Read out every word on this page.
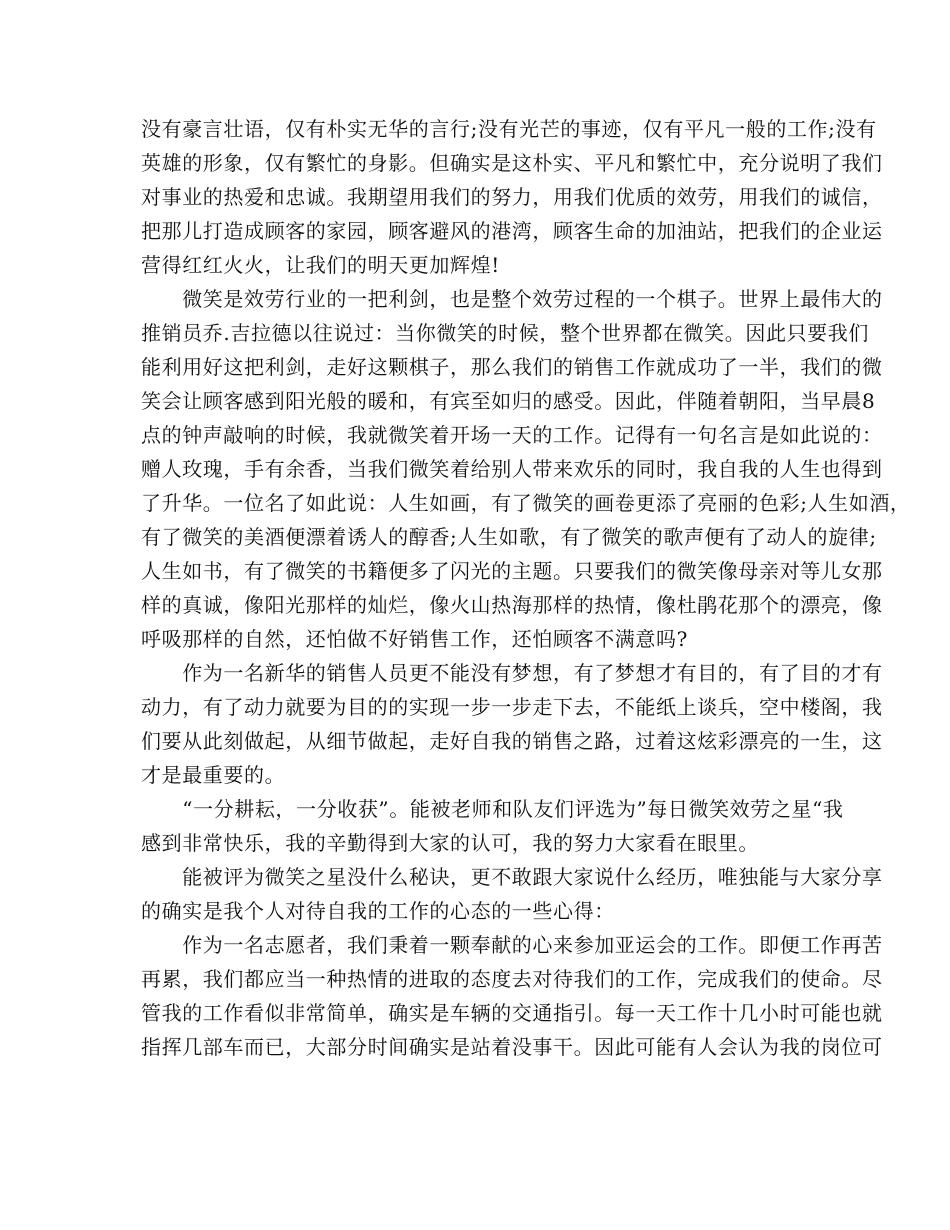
没有豪言壮语，仅有朴实无华的言行;没有光芒的事迹，仅有平凡一般的工作;没有
英雄的形象，仅有繁忙的身影。但确实是这朴实、平凡和繁忙中，充分说明了我们
对事业的热爱和忠诚。我期望用我们的努力，用我们优质的效劳，用我们的诚信，
把那儿打造成顾客的家园，顾客避风的港湾，顾客生命的加油站，把我们的企业运
营得红红火火，让我们的明天更加辉煌!
　　微笑是效劳行业的一把利剑，也是整个效劳过程的一个棋子。世界上最伟大的
推销员乔.吉拉德以往说过：当你微笑的时候，整个世界都在微笑。因此只要我们
能利用好这把利剑，走好这颗棋子，那么我们的销售工作就成功了一半，我们的微
笑会让顾客感到阳光般的暖和，有宾至如归的感受。因此，伴随着朝阳，当早晨8
点的钟声敲响的时候，我就微笑着开场一天的工作。记得有一句名言是如此说的：
赠人玫瑰，手有余香，当我们微笑着给别人带来欢乐的同时，我自我的人生也得到
了升华。一位名了如此说：人生如画，有了微笑的画卷更添了亮丽的色彩;人生如酒，
有了微笑的美酒便漂着诱人的醇香;人生如歌，有了微笑的歌声便有了动人的旋律;
人生如书，有了微笑的书籍便多了闪光的主题。只要我们的微笑像母亲对等儿女那
样的真诚，像阳光那样的灿烂，像火山热海那样的热情，像杜鹃花那个的漂亮，像
呼吸那样的自然，还怕做不好销售工作，还怕顾客不满意吗?
　　作为一名新华的销售人员更不能没有梦想，有了梦想才有目的，有了目的才有
动力，有了动力就要为目的的实现一步一步走下去，不能纸上谈兵，空中楼阁，我
们要从此刻做起，从细节做起，走好自我的销售之路，过着这炫彩漂亮的一生，这
才是最重要的。
　　“一分耕耘，一分收获”。能被老师和队友们评选为”每日微笑效劳之星“我
感到非常快乐，我的辛勤得到大家的认可，我的努力大家看在眼里。
　　能被评为微笑之星没什么秘诀，更不敢跟大家说什么经历，唯独能与大家分享
的确实是我个人对待自我的工作的心态的一些心得：
　　作为一名志愿者，我们秉着一颗奉献的心来参加亚运会的工作。即便工作再苦
再累，我们都应当一种热情的进取的态度去对待我们的工作，完成我们的使命。尽
管我的工作看似非常简单，确实是车辆的交通指引。每一天工作十几小时可能也就
指挥几部车而已，大部分时间确实是站着没事干。因此可能有人会认为我的岗位可
